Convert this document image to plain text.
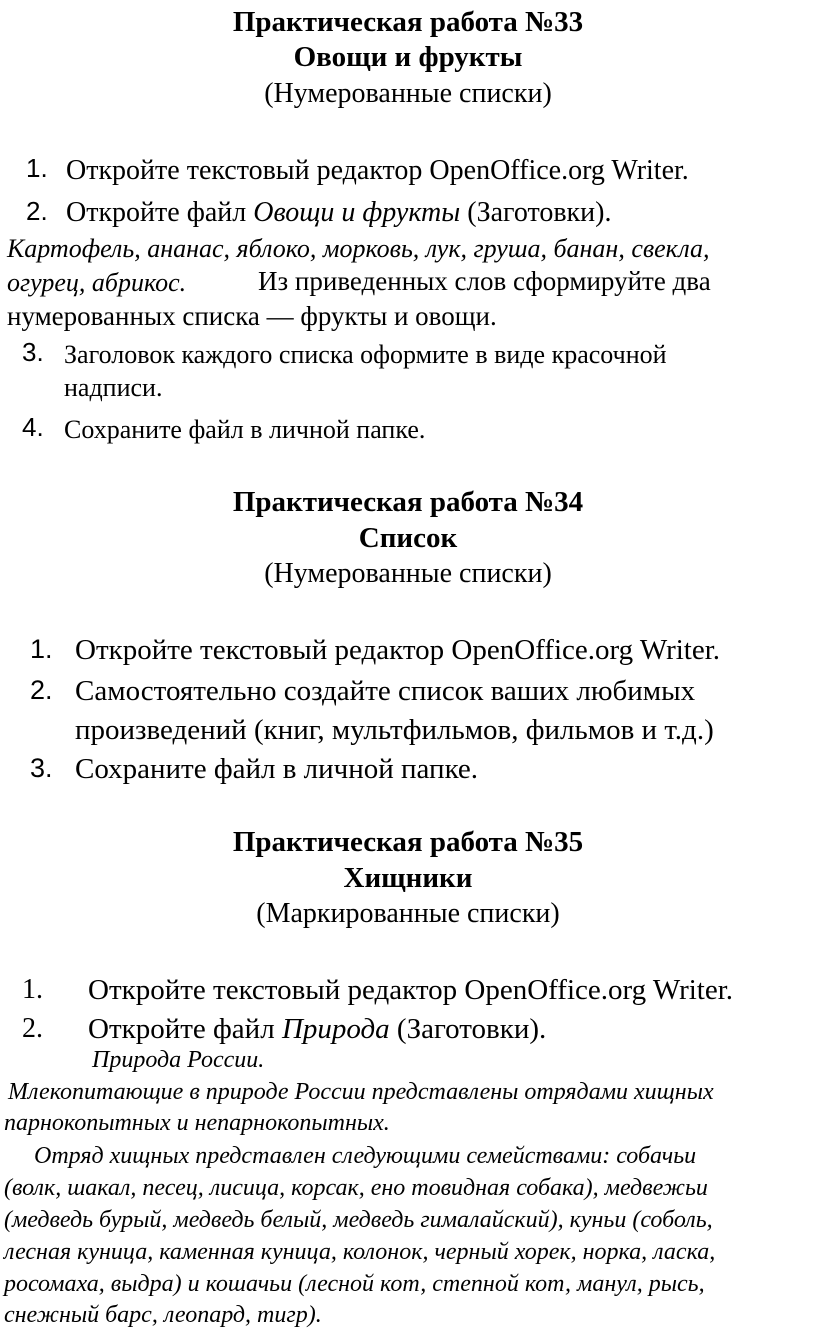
Практическая работа №33
Овощи и фрукты
(Нумерованные списки)
1. Откройте текстовый редактор OpenOffice.org Writer.
2. Откройте файл Овощи и фрукты (Заготовки).
Картофель, ананас, яблоко, морковь, лук, груша, банан, свекла,
огурец, абрикос.	Из приведенных слов сформируйте два
нумерованных списка — фрукты и овощи.
3. Заголовок каждого списка оформите в виде красочной
надписи.
4. Сохраните файл в личной папке.
Практическая работа №34
Список
(Нумерованные списки)
1. Откройте текстовый редактор OpenOffice.org Writer.
2. Самостоятельно создайте список ваших любимых
произведений (книг, мультфильмов, фильмов и т.д.)
3. Сохраните файл в личной папке.
Практическая работа №35
Хищники
(Маркированные списки)
1. Откройте текстовый редактор OpenOffice.org Writer.
2. Откройте файл Природа (Заготовки).
Природа России.
Млекопитающие в природе России представлены отрядами хищных
парнокопытных и непарнокопытных.
Отряд хищных представлен следующими семействами: собачьи
(волк, шакал, песец, лисица, корсак, ено товидная собака), медвежьи
(медведь бурый, медведь белый, медведь гималайский), куньи (соболь,
лесная куница, каменная куница, колонок, черный хорек, норка, ласка,
росомаха, выдра) и кошачьи (лесной кот, степной кот, манул, рысь,
снежный барс, леопард, тигр).
